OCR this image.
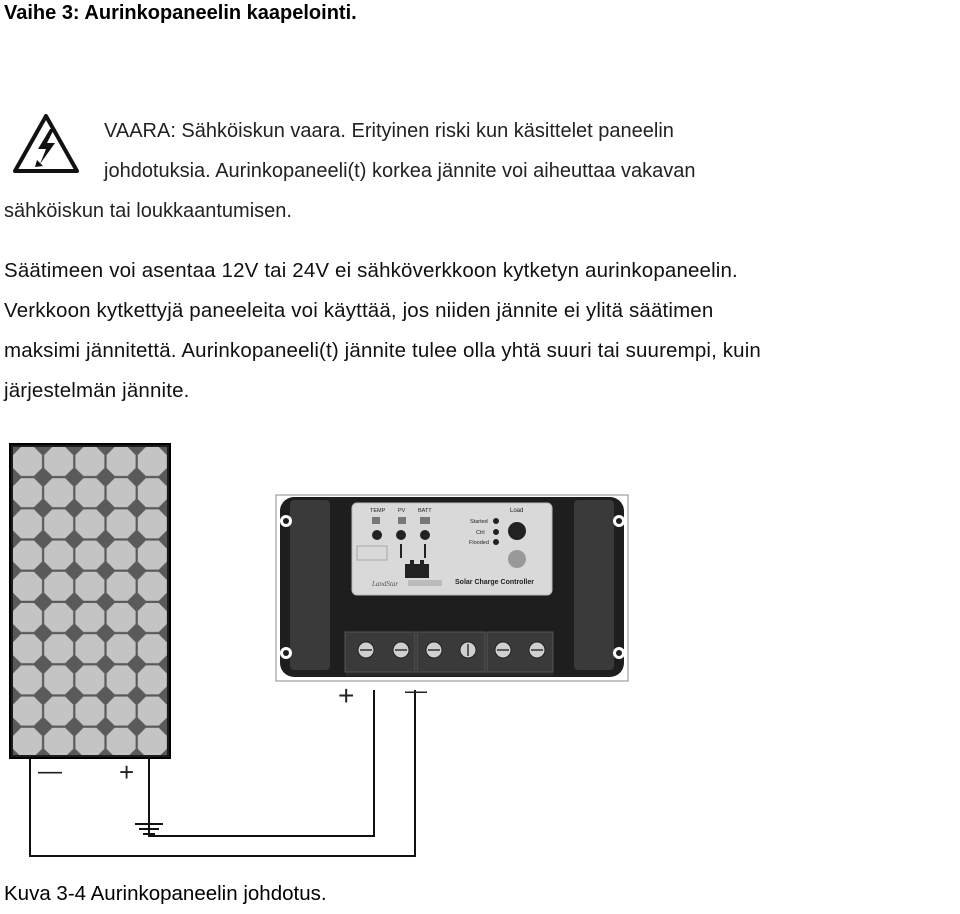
Vaihe 3: Aurinkopaneelin kaapelointi.
VAARA: Sähköiskun vaara. Erityinen riski kun käsittelet paneelin
johdotuksia. Aurinkopaneeli(t) korkea jännite voi aiheuttaa vakavan
sähköiskun tai loukkaantumisen.
Säätimeen voi asentaa 12V tai 24V ei sähköverkkoon kytketyn aurinkopaneelin.
Verkkoon kytkettyjä paneeleita voi käyttää, jos niiden jännite ei ylitä säätimen
maksimi jännitettä. Aurinkopaneeli(t) jännite tulee olla yhtä suuri tai suurempi, kuin
järjestelmän jännite.
— +
TEMP PV BATT	Load
Started
Ctrl
Flooded
LandStar	Solar Charge Controller
+ —
Kuva 3-4 Aurinkopaneelin johdotus.
